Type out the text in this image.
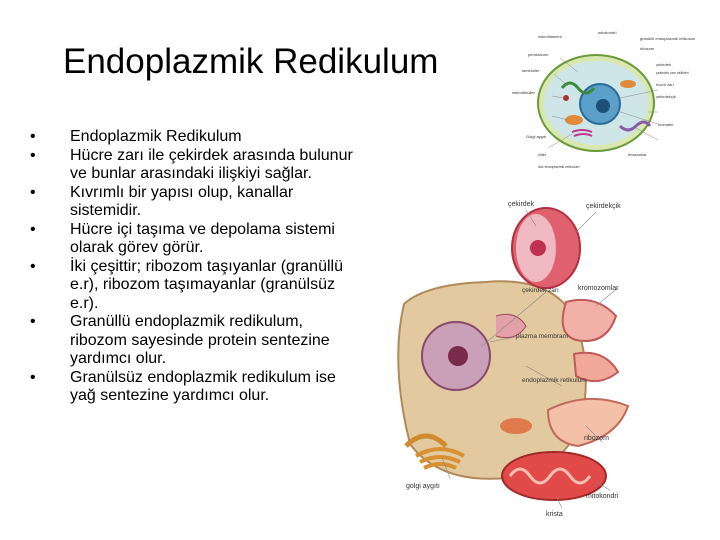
Endoplazmik Redikulum
• Endoplazmik Redikulum
• Hücre zarı ile çekirdek arasında bulunur ve bunlar arasındaki ilişkiyi sağlar.
• Kıvrımlı bir yapısı olup, kanallar sistemidir.
• Hücre içi taşıma ve depolama sistemi olarak görev görür.
• İki çeşittir; ribozom taşıyanlar (granüllü e.r), ribozom taşımayanlar (granülsüz e.r).
• Granüllü endoplazmik redikulum, ribozom sayesinde protein sentezine yardımcı olur.
• Granülsüz endoplazmik redikulum ise yağ sentezine yardımcı olur.
mikrofilament
mitokondri
granüllü endoplazmik retikulum
ribozom
peroksizom
sentrioller
çekirdek
çekirdek zarı delikleri
hücre zarı
mikrotübüller
çekirdekçik
Golgi aygıtı
kromatin
ribozomlar
ziller
düz endoplazmik retikulum
çekirdek	çekirdekçik
çekirdek zarı	kromozomlar
plazma membranı
endoplazmik retikulum
ribozom
golgi aygıtı
mitokondri
krista
